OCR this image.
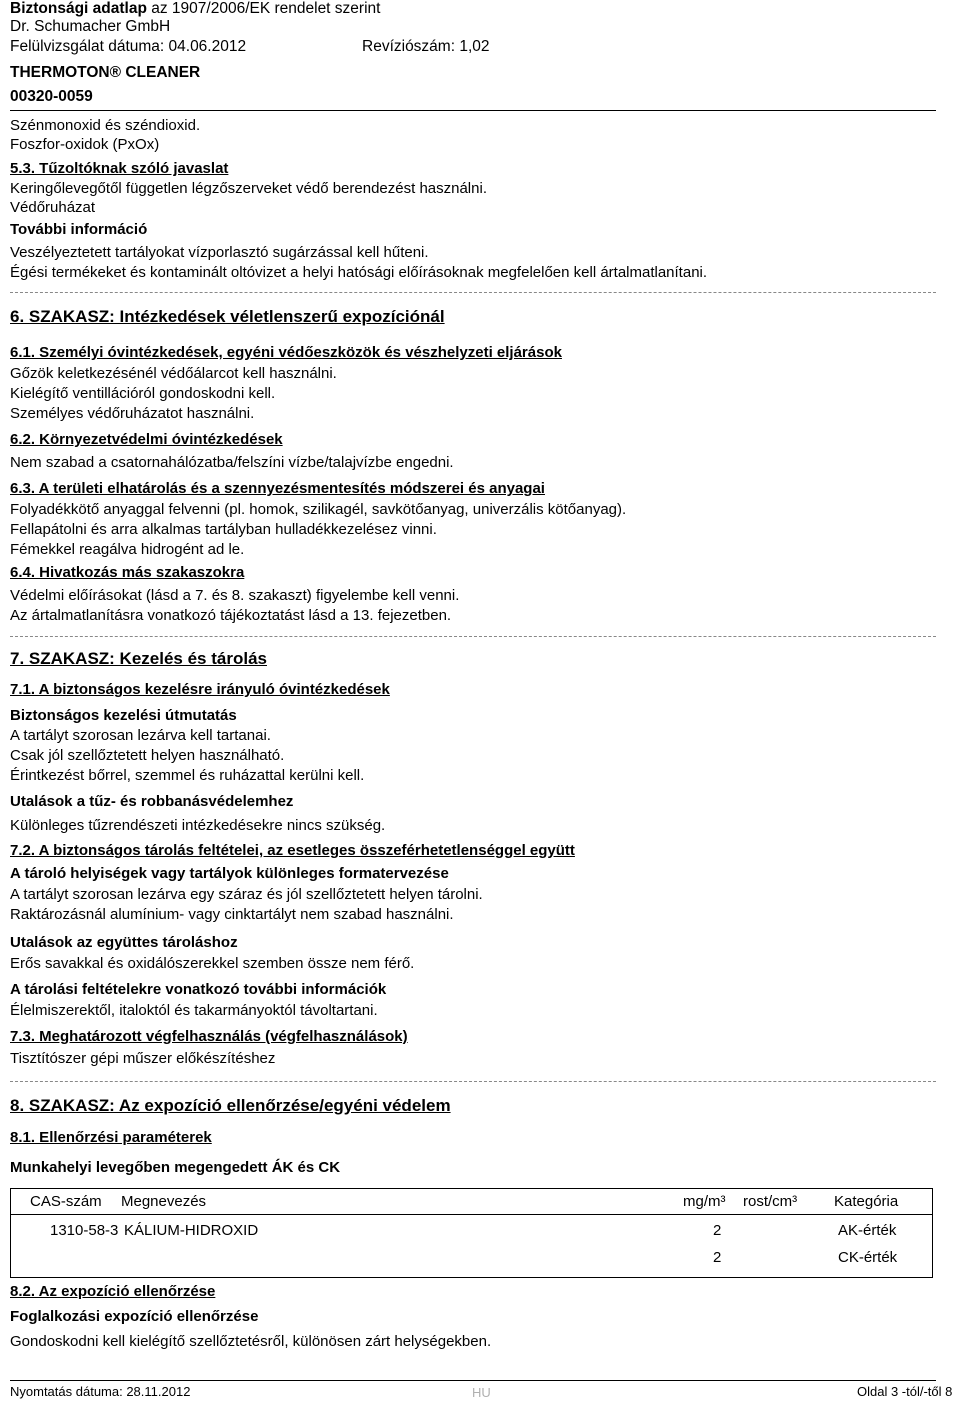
Biztonsági adatlap az 1907/2006/EK rendelet szerint
Dr. Schumacher GmbH
Felülvizsgálat dátuma: 04.06.2012	Revíziószám: 1,02
THERMOTON® CLEANER
00320-0059
Szénmonoxid és széndioxid.
Foszfor-oxidok (PxOx)
5.3. Tűzoltóknak szóló javaslat
Keringőlevegőtől független légzőszerveket védő berendezést használni.
Védőruházat
További információ
Veszélyeztetett tartályokat vízporlasztó sugárzással kell hűteni.
Égési termékeket és kontaminált oltóvizet a helyi hatósági előírásoknak megfelelően kell ártalmatlanítani.
6. SZAKASZ: Intézkedések véletlenszerű expozíciónál
6.1. Személyi óvintézkedések, egyéni védőeszközök és vészhelyzeti eljárások
Gőzök keletkezésénél védőálarcot kell használni.
Kielégítő ventillációról gondoskodni kell.
Személyes védőruházatot használni.
6.2. Környezetvédelmi óvintézkedések
Nem szabad a csatornahálózatba/felszíni vízbe/talajvízbe engedni.
6.3. A területi elhatárolás és a szennyezésmentesítés módszerei és anyagai
Folyadékkötő anyaggal felvenni (pl. homok, szilikagél, savkötőanyag, univerzális kötőanyag).
Fellapátolni és arra alkalmas tartályban hulladékkezelésez vinni.
Fémekkel reagálva hidrogént ad le.
6.4. Hivatkozás más szakaszokra
Védelmi előírásokat (lásd a 7. és 8. szakaszt) figyelembe kell venni.
Az ártalmatlanításra vonatkozó tájékoztatást lásd a 13. fejezetben.
7. SZAKASZ: Kezelés és tárolás
7.1. A biztonságos kezelésre irányuló óvintézkedések
Biztonságos kezelési útmutatás
A tartályt szorosan lezárva kell tartanai.
Csak jól szellőztetett helyen használható.
Érintkezést bőrrel, szemmel és ruházattal kerülni kell.
Utalások a tűz- és robbanásvédelemhez
Különleges tűzrendészeti intézkedésekre nincs szükség.
7.2. A biztonságos tárolás feltételei, az esetleges összeférhetetlenséggel együtt
A tároló helyiségek vagy tartályok különleges formatervezése
A tartályt szorosan lezárva egy száraz és jól szellőztetett helyen tárolni.
Raktározásnál alumínium- vagy cinktartályt nem szabad használni.
Utalások az együttes tároláshoz
Erős savakkal és oxidálószerekkel szemben össze nem férő.
A tárolási feltételekre vonatkozó további információk
Élelmiszerektől, italoktól és takarmányoktól távoltartani.
7.3. Meghatározott végfelhasználás (végfelhasználások)
Tisztítószer gépi műszer előkészítéshez
8. SZAKASZ: Az expozíció ellenőrzése/egyéni védelem
8.1. Ellenőrzési paraméterek
Munkahelyi levegőben megengedett ÁK és CK
CAS-szám Megnevezés	mg/m³ rost/cm³ Kategória
1310-58-3 KÁLIUM-HIDROXID	2	AK-érték
2	CK-érték
8.2. Az expozíció ellenőrzése
Foglalkozási expozíció ellenőrzése
Gondoskodni kell kielégítő szellőztetésről, különösen zárt helységekben.
Nyomtatás dátuma: 28.11.2012	HU	Oldal 3 -tól/-től 8
